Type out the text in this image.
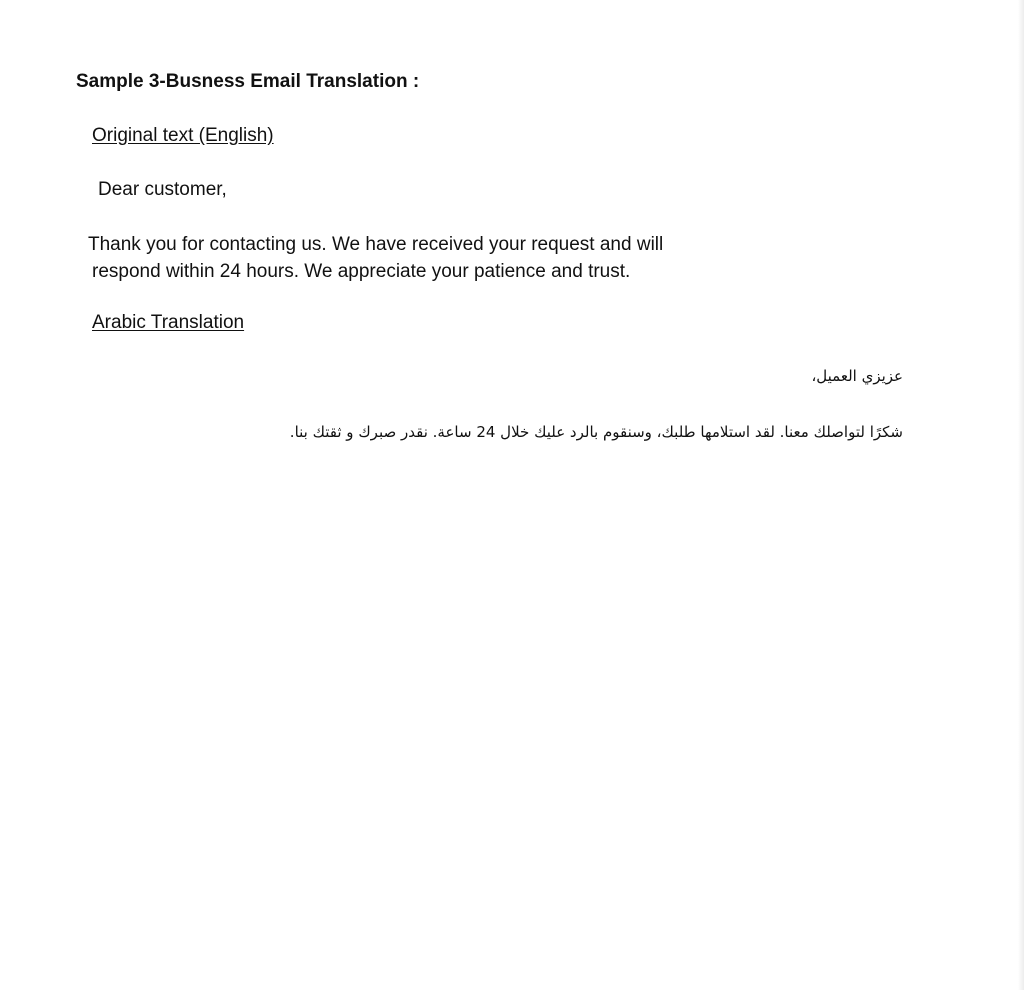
Sample 3-Busness Email Translation :

Original text (English)

Dear customer,

Thank you for contacting us. We have received your request and will
respond within 24 hours. We appreciate your patience and trust.

Arabic Translation

عزيزي العميل،

شكرًا لتواصلك معنا. لقد استلامها طلبك، وسنقوم بالرد عليك خلال 24 ساعة. نقدر صبرك و ثقتك بنا.
